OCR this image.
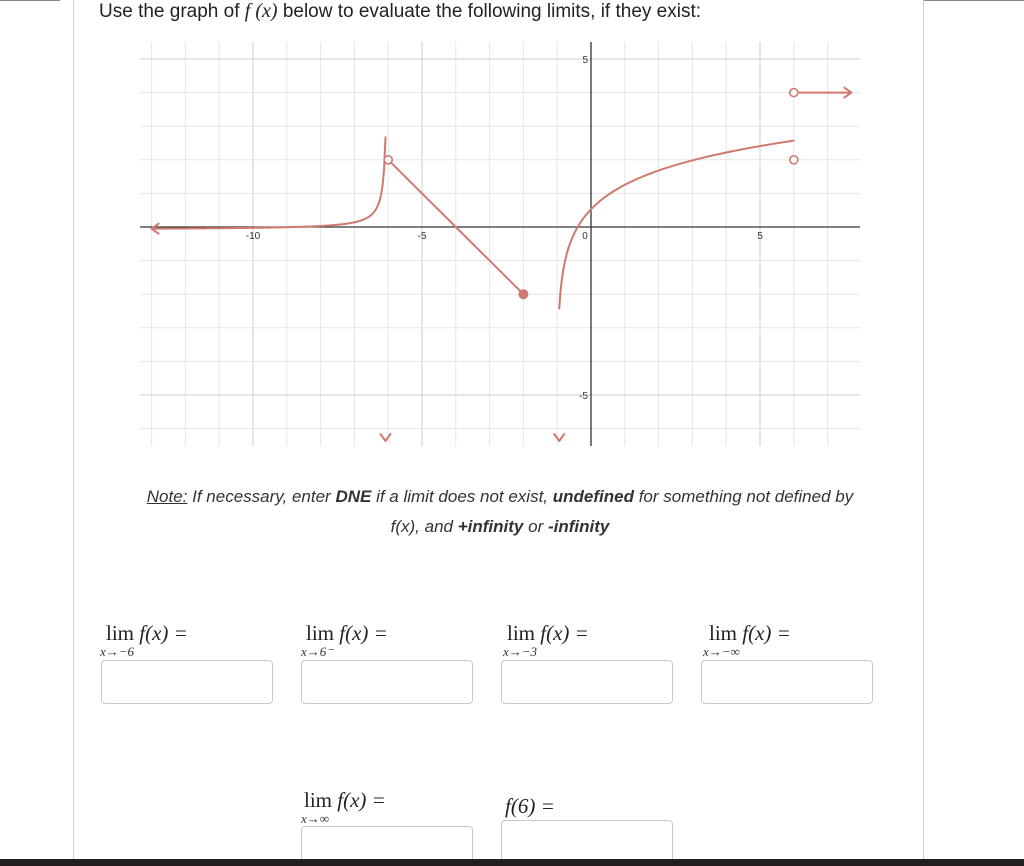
Use the graph of f (x) below to evaluate the following limits, if they exist:
-10	-5	0	5
5
-5
Note: If necessary, enter DNE if a limit does not exist, undefined for something not defined by
f(x), and +infinity or -infinity
lim f(x) =
x→−6
lim f(x) =
x→6⁻
lim f(x) =
x→−3
lim f(x) =
x→−∞
lim f(x) =
x→∞
f(6) =
